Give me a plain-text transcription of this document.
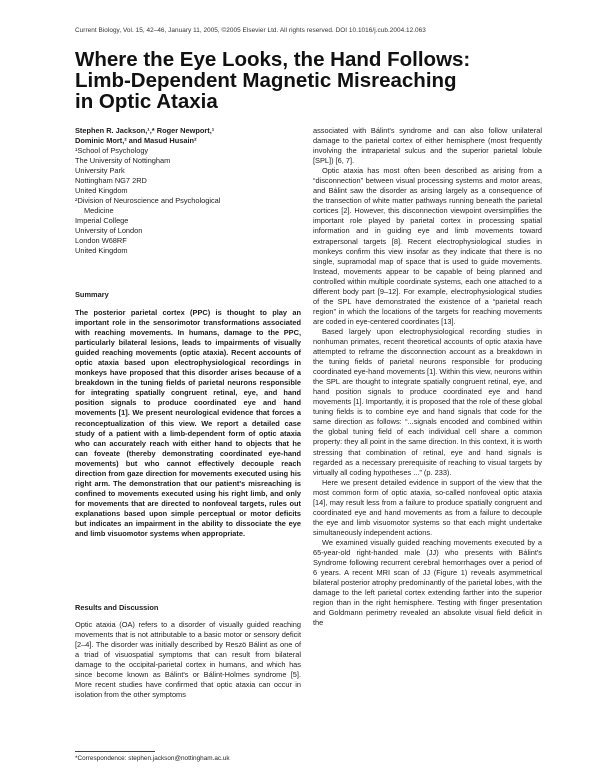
Current Biology, Vol. 15, 42–46, January 11, 2005, ©2005 Elsevier Ltd. All rights reserved. DOI 10.1016/j.cub.2004.12.063
Where the Eye Looks, the Hand Follows:
Limb-Dependent Magnetic Misreaching
in Optic Ataxia
Stephen R. Jackson,¹,* Roger Newport,¹
Dominic Mort,² and Masud Husain²
¹School of Psychology
The University of Nottingham
University Park
Nottingham NG7 2RD
United Kingdom
²Division of Neuroscience and Psychological
Medicine
Imperial College
University of London
London W68RF
United Kingdom
Summary

The posterior parietal cortex (PPC) is thought to play an important role in the sensorimotor transformations associated with reaching movements. In humans, damage to the PPC, particularly bilateral lesions, leads to impairments of visually guided reaching movements (optic ataxia). Recent accounts of optic ataxia based upon electrophysiological recordings in monkeys have proposed that this disorder arises because of a breakdown in the tuning fields of parietal neurons responsible for integrating spatially congruent retinal, eye, and hand position signals to produce coordinated eye and hand movements [1]. We present neurological evidence that forces a reconceptualization of this view. We report a detailed case study of a patient with a limb-dependent form of optic ataxia who can accurately reach with either hand to objects that he can foveate (thereby demonstrating coordinated eye-hand movements) but who cannot effectively decouple reach direction from gaze direction for movements executed using his right arm. The demonstration that our patient's misreaching is confined to movements executed using his right limb, and only for movements that are directed to nonfoveal targets, rules out explanations based upon simple perceptual or motor deficits but indicates an impairment in the ability to dissociate the eye and limb visuomotor systems when appropriate.

Results and Discussion

Optic ataxia (OA) refers to a disorder of visually guided reaching movements that is not attributable to a basic motor or sensory deficit [2–4]. The disorder was initially described by Reszö Bálint as one of a triad of visuospatial symptoms that can result from bilateral damage to the occipital-parietal cortex in humans, and which has since become known as Bálint's or Bálint-Holmes syndrome [5]. More recent studies have confirmed that optic ataxia can occur in isolation from the other symptoms

associated with Bálint's syndrome and can also follow unilateral damage to the parietal cortex of either hemisphere (most frequently involving the intraparietal sulcus and the superior parietal lobule [SPL]) [6, 7].

Optic ataxia has most often been described as arising from a “disconnection” between visual processing systems and motor areas, and Bálint saw the disorder as arising largely as a consequence of the transection of white matter pathways running beneath the parietal cortices [2]. However, this disconnection viewpoint oversimplifies the important role played by parietal cortex in processing spatial information and in guiding eye and limb movements toward extrapersonal targets [8]. Recent electrophysiological studies in monkeys confirm this view insofar as they indicate that there is no single, supramodal map of space that is used to guide movements. Instead, movements appear to be capable of being planned and controlled within multiple coordinate systems, each one attached to a different body part [9–12]. For example, electrophysiological studies of the SPL have demonstrated the existence of a “parietal reach region” in which the locations of the targets for reaching movements are coded in eye-centered coordinates [13].

Based largely upon electrophysiological recording studies in nonhuman primates, recent theoretical accounts of optic ataxia have attempted to reframe the disconnection account as a breakdown in the tuning fields of parietal neurons responsible for producing coordinated eye-hand movements [1]. Within this view, neurons within the SPL are thought to integrate spatially congruent retinal, eye, and hand position signals to produce coordinated eye and hand movements [1]. Importantly, it is proposed that the role of these global tuning fields is to combine eye and hand signals that code for the same direction as follows: “...signals encoded and combined within the global tuning field of each individual cell share a common property: they all point in the same direction. In this context, it is worth stressing that combination of retinal, eye and hand signals is regarded as a necessary prerequisite of reaching to visual targets by virtually all coding hypotheses ...” (p. 233).

Here we present detailed evidence in support of the view that the most common form of optic ataxia, so-called nonfoveal optic ataxia [14], may result less from a failure to produce spatially congruent and coordinated eye and hand movements as from a failure to decouple the eye and limb visuomotor systems so that each might undertake simultaneously independent actions.

We examined visually guided reaching movements executed by a 65-year-old right-handed male (JJ) who presents with Bálint's Syndrome following recurrent cerebral hemorrhages over a period of 6 years. A recent MRI scan of JJ (Figure 1) reveals asymmetrical bilateral posterior atrophy predominantly of the parietal lobes, with the damage to the left parietal cortex extending farther into the superior region than in the right hemisphere. Testing with finger presentation and Goldmann perimetry revealed an absolute visual field deficit in the

*Correspondence: stephen.jackson@nottingham.ac.uk
